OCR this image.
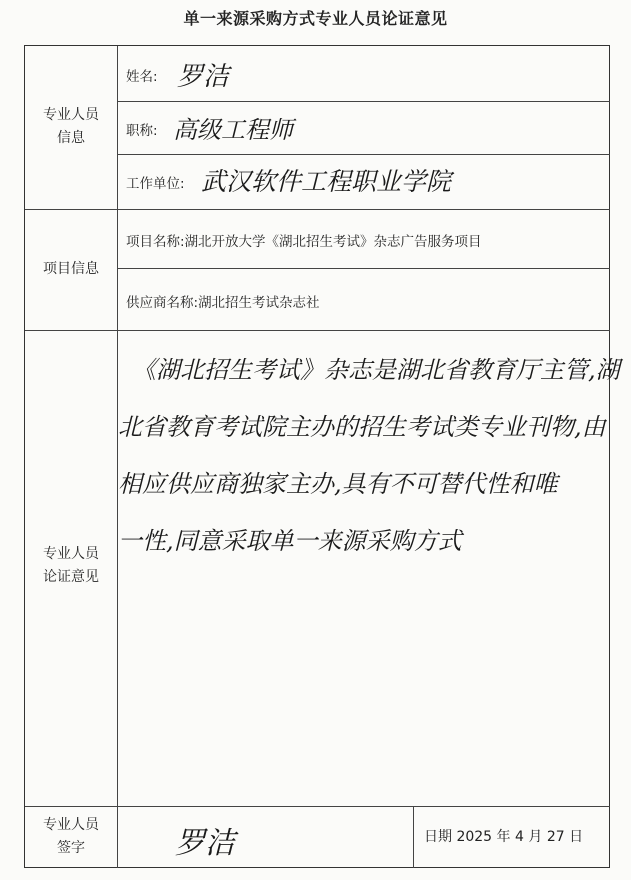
单一来源采购方式专业人员论证意见
专业人员
信息
项目信息
专业人员
论证意见
专业人员
签字
姓名: 罗洁
职称: 高级工程师
工作单位: 武汉软件工程职业学院
项目名称:湖北开放大学《湖北招生考试》杂志广告服务项目
供应商名称:湖北招生考试杂志社
罗洁	日期 2025 年 4 月 27 日
《湖北招生考试》杂志是湖北省教育厅主管,湖
北省教育考试院主办的招生考试类专业刊物,由
相应供应商独家主办,具有不可替代性和唯
一性,同意采取单一来源采购方式
